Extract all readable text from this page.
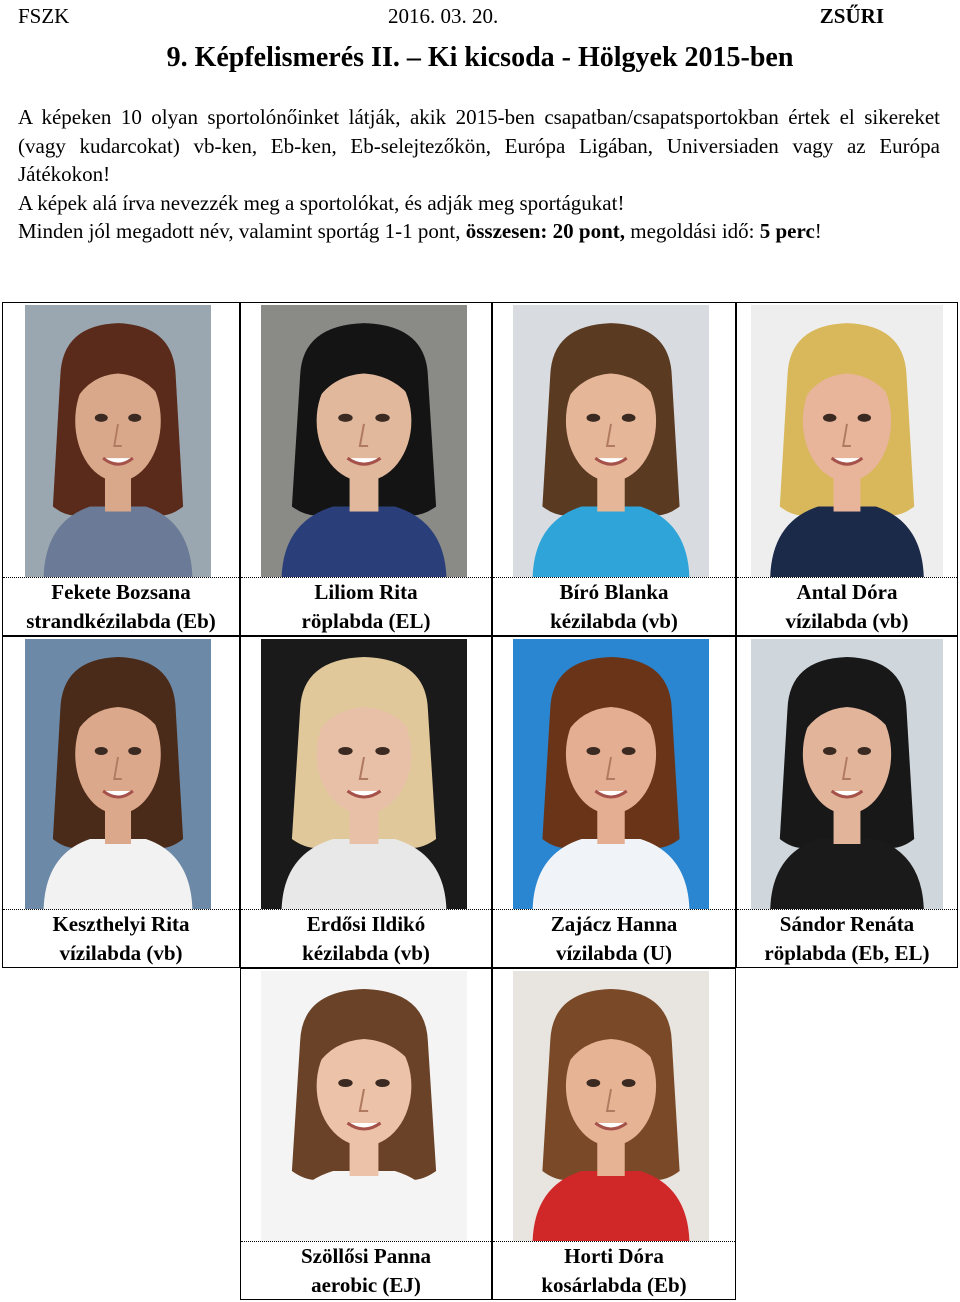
FSZK	2016. 03. 20.	ZSŰRI
9. Képfelismerés II. – Ki kicsoda - Hölgyek 2015-ben

A képeken 10 olyan sportolónőinket látják, akik 2015-ben csapatban/csapatsportokban értek el sikereket (vagy kudarcokat) vb-ken, Eb-ken, Eb-selejtezőkön, Európa Ligában, Universiaden vagy az Európa Játékokon!

A képek alá írva nevezzék meg a sportolókat, és adják meg sportágukat!

Minden jól megadott név, valamint sportág 1-1 pont, összesen: 20 pont, megoldási idő: 5 perc!

Fekete Bozsana
strandkézilabda (Eb)
Liliom Rita
röplabda (EL)
Bíró Blanka
kézilabda (vb)
Antal Dóra
vízilabda (vb)
Keszthelyi Rita
vízilabda (vb)
Erdősi Ildikó
kézilabda (vb)
Zajácz Hanna
vízilabda (U)
Sándor Renáta
röplabda (Eb, EL)
Szöllősi Panna
aerobic (EJ)
Horti Dóra
kosárlabda (Eb)
